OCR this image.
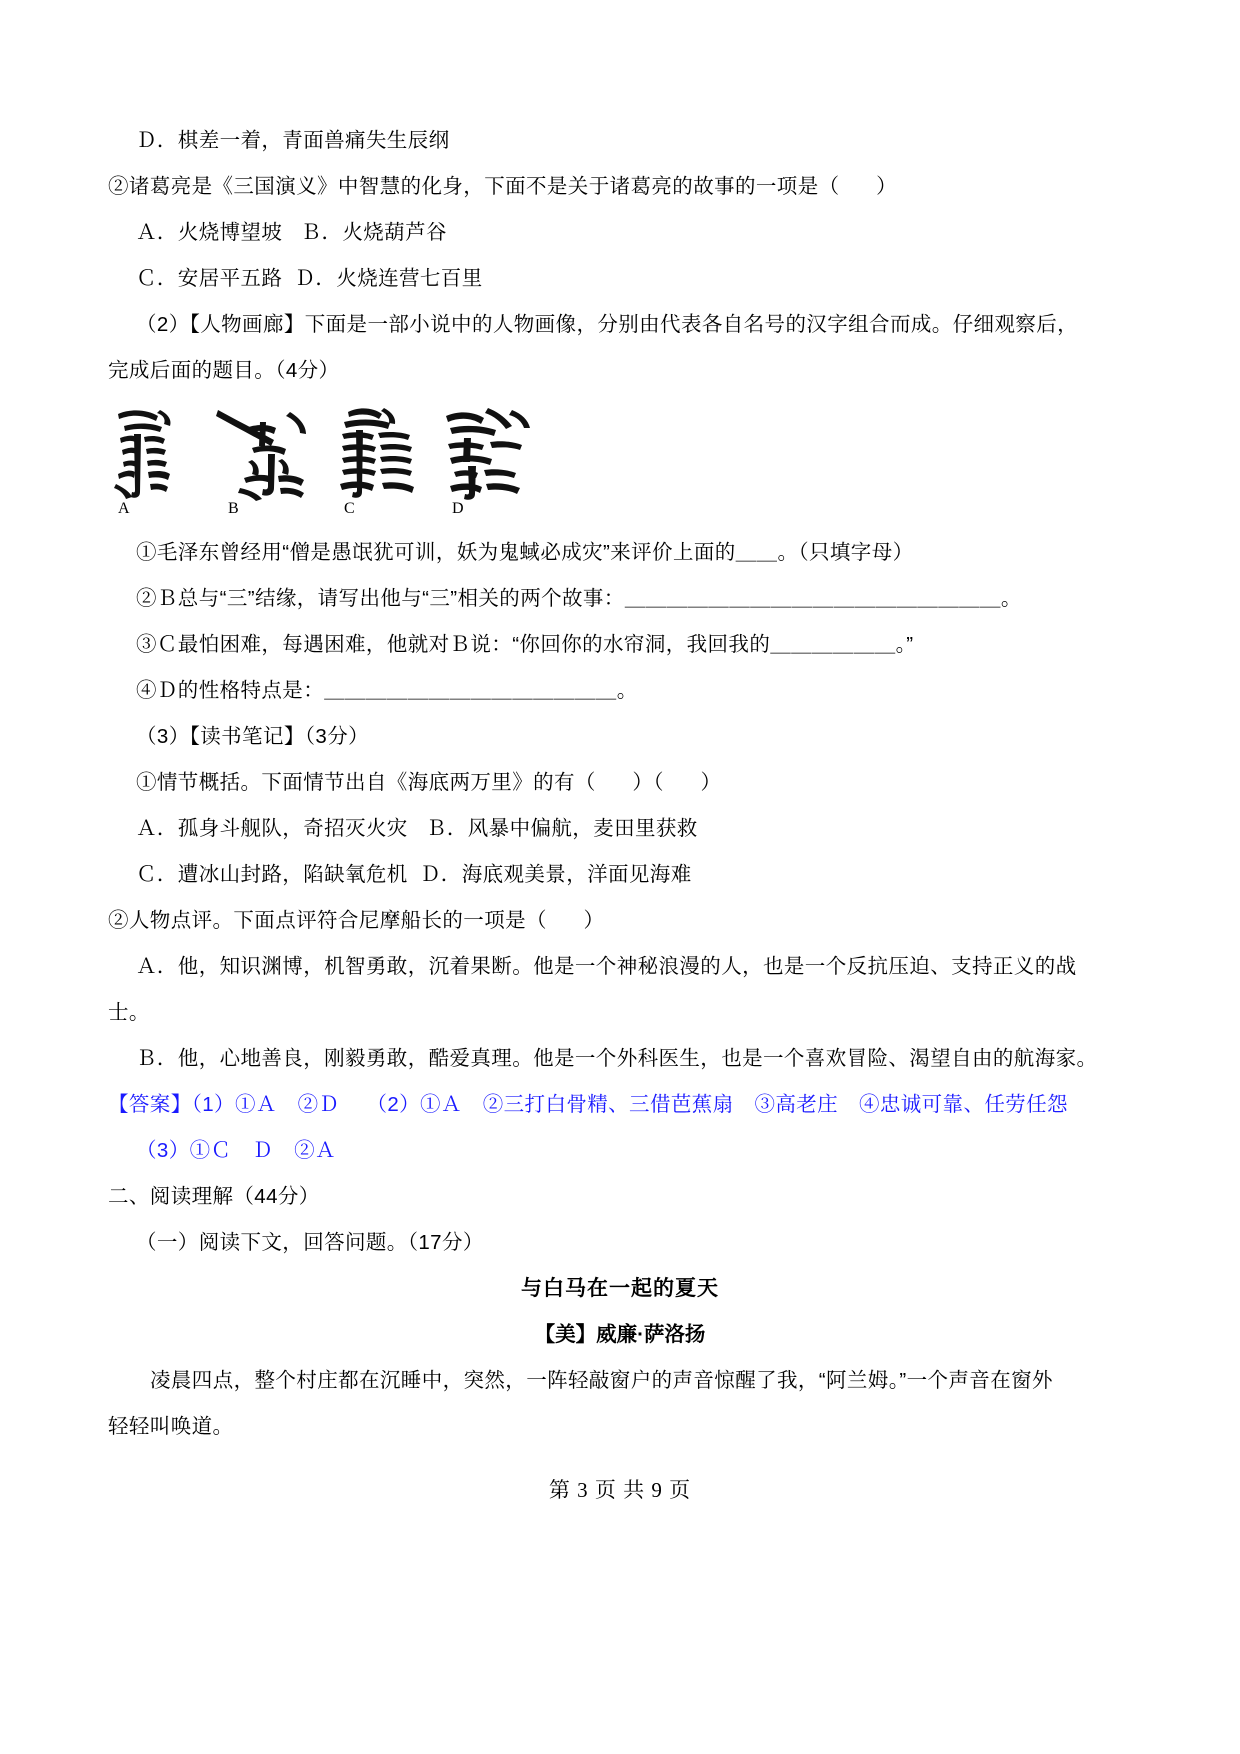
Ｄ．棋差一着，青面兽痛失生辰纲
②诸葛亮是《三国演义》中智慧的化身，下面不是关于诸葛亮的故事的一项是（      ）
Ａ．火烧博望坡   Ｂ．火烧葫芦谷
Ｃ．安居平五路  Ｄ．火烧连营七百里
（2）【人物画廊】下面是一部小说中的人物画像，分别由代表各自名号的汉字组合而成。仔细观察后，
完成后面的题目。（4分）
A	B	C	D
①毛泽东曾经用“僧是愚氓犹可训，妖为鬼蜮必成灾”来评价上面的＿＿。（只填字母）
②Ｂ总与“三”结缘，请写出他与“三”相关的两个故事：＿＿＿＿＿＿＿＿＿＿＿＿＿＿＿＿＿＿。
③Ｃ最怕困难，每遇困难，他就对Ｂ说：“你回你的水帘洞，我回我的＿＿＿＿＿＿。”
④Ｄ的性格特点是：＿＿＿＿＿＿＿＿＿＿＿＿＿＿。
（3）【读书笔记】（3分）
①情节概括。下面情节出自《海底两万里》的有（      ）（      ）
Ａ．孤身斗舰队，奇招灭火灾   Ｂ．风暴中偏航，麦田里获救
Ｃ．遭冰山封路，陷缺氧危机  Ｄ．海底观美景，洋面见海难
②人物点评。下面点评符合尼摩船长的一项是（      ）
Ａ．他，知识渊博，机智勇敢，沉着果断。他是一个神秘浪漫的人，也是一个反抗压迫、支持正义的战
士。
Ｂ．他，心地善良，刚毅勇敢，酷爱真理。他是一个外科医生，也是一个喜欢冒险、渴望自由的航海家。
【答案】（1）①Ａ　②Ｄ　 （2）①Ａ　②三打白骨精、三借芭蕉扇　③高老庄　④忠诚可靠、任劳任怨
（3）①Ｃ　Ｄ　②Ａ
二、阅读理解（44分）
（一）阅读下文，回答问题。（17分）
与白马在一起的夏天
【美】威廉·萨洛扬
凌晨四点，整个村庄都在沉睡中，突然，一阵轻敲窗户的声音惊醒了我，“阿兰姆。”一个声音在窗外
轻轻叫唤道。
第 3 页 共 9 页
